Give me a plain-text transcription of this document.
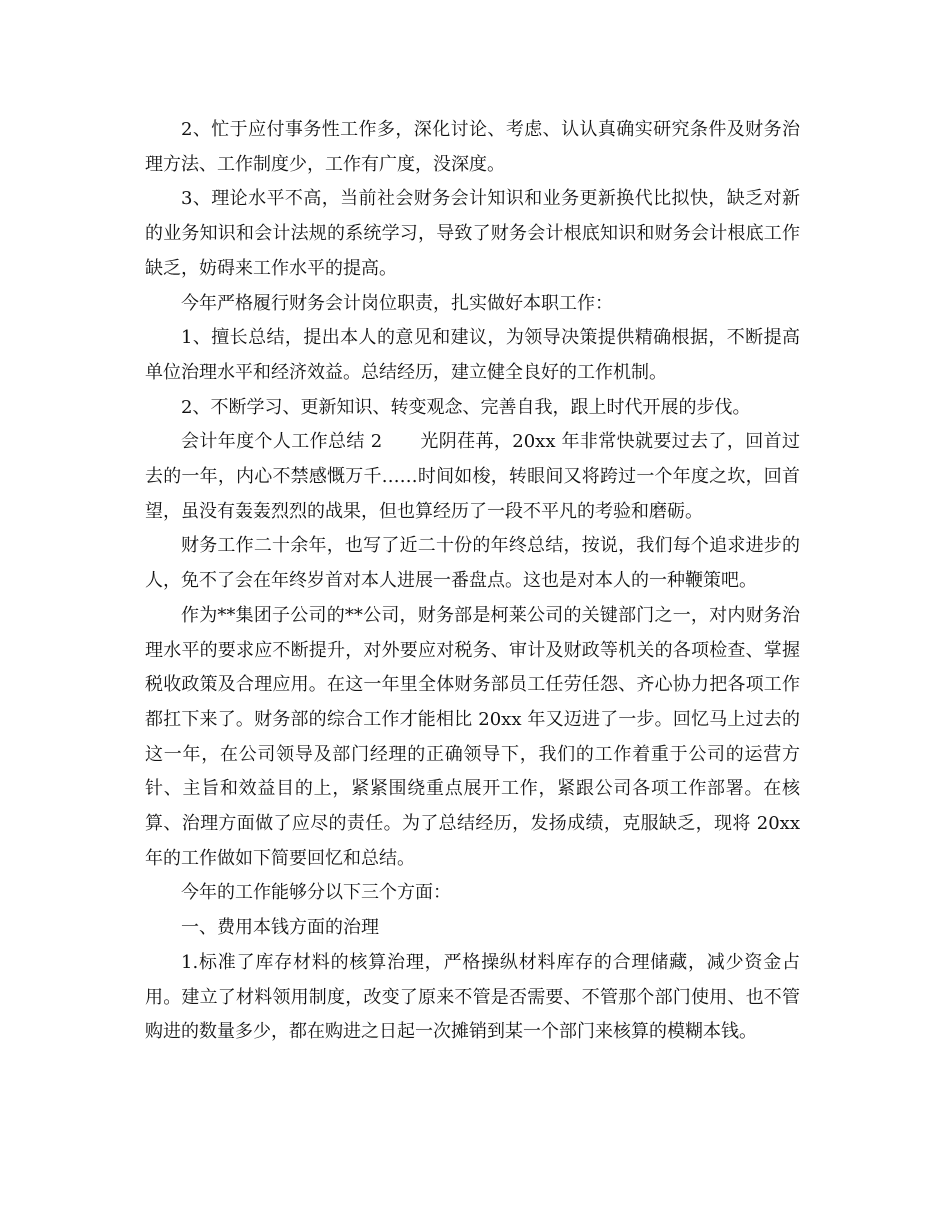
2、忙于应付事务性工作多，深化讨论、考虑、认认真确实研究条件及财务治理方法、工作制度少，工作有广度，没深度。

3、理论水平不高，当前社会财务会计知识和业务更新换代比拟快，缺乏对新的业务知识和会计法规的系统学习，导致了财务会计根底知识和财务会计根底工作缺乏，妨碍来工作水平的提高。

今年严格履行财务会计岗位职责，扎实做好本职工作：

1、擅长总结，提出本人的意见和建议，为领导决策提供精确根据，不断提高单位治理水平和经济效益。总结经历，建立健全良好的工作机制。

2、不断学习、更新知识、转变观念、完善自我，跟上时代开展的步伐。

会计年度个人工作总结 2 光阴荏苒，20xx 年非常快就要过去了，回首过去的一年，内心不禁感慨万千……时间如梭，转眼间又将跨过一个年度之坎，回首望，虽没有轰轰烈烈的战果，但也算经历了一段不平凡的考验和磨砺。

财务工作二十余年，也写了近二十份的年终总结，按说，我们每个追求进步的人，免不了会在年终岁首对本人进展一番盘点。这也是对本人的一种鞭策吧。

作为**集团子公司的**公司，财务部是柯莱公司的关键部门之一，对内财务治理水平的要求应不断提升，对外要应对税务、审计及财政等机关的各项检查、掌握税收政策及合理应用。在这一年里全体财务部员工任劳任怨、齐心协力把各项工作都扛下来了。财务部的综合工作才能相比 20xx 年又迈进了一步。回忆马上过去的这一年，在公司领导及部门经理的正确领导下，我们的工作着重于公司的运营方针、主旨和效益目的上，紧紧围绕重点展开工作，紧跟公司各项工作部署。在核算、治理方面做了应尽的责任。为了总结经历，发扬成绩，克服缺乏，现将 20xx 年的工作做如下简要回忆和总结。

今年的工作能够分以下三个方面：

一、费用本钱方面的治理

1.标准了库存材料的核算治理，严格操纵材料库存的合理储藏，减少资金占用。建立了材料领用制度，改变了原来不管是否需要、不管那个部门使用、也不管购进的数量多少，都在购进之日起一次摊销到某一个部门来核算的模糊本钱。
